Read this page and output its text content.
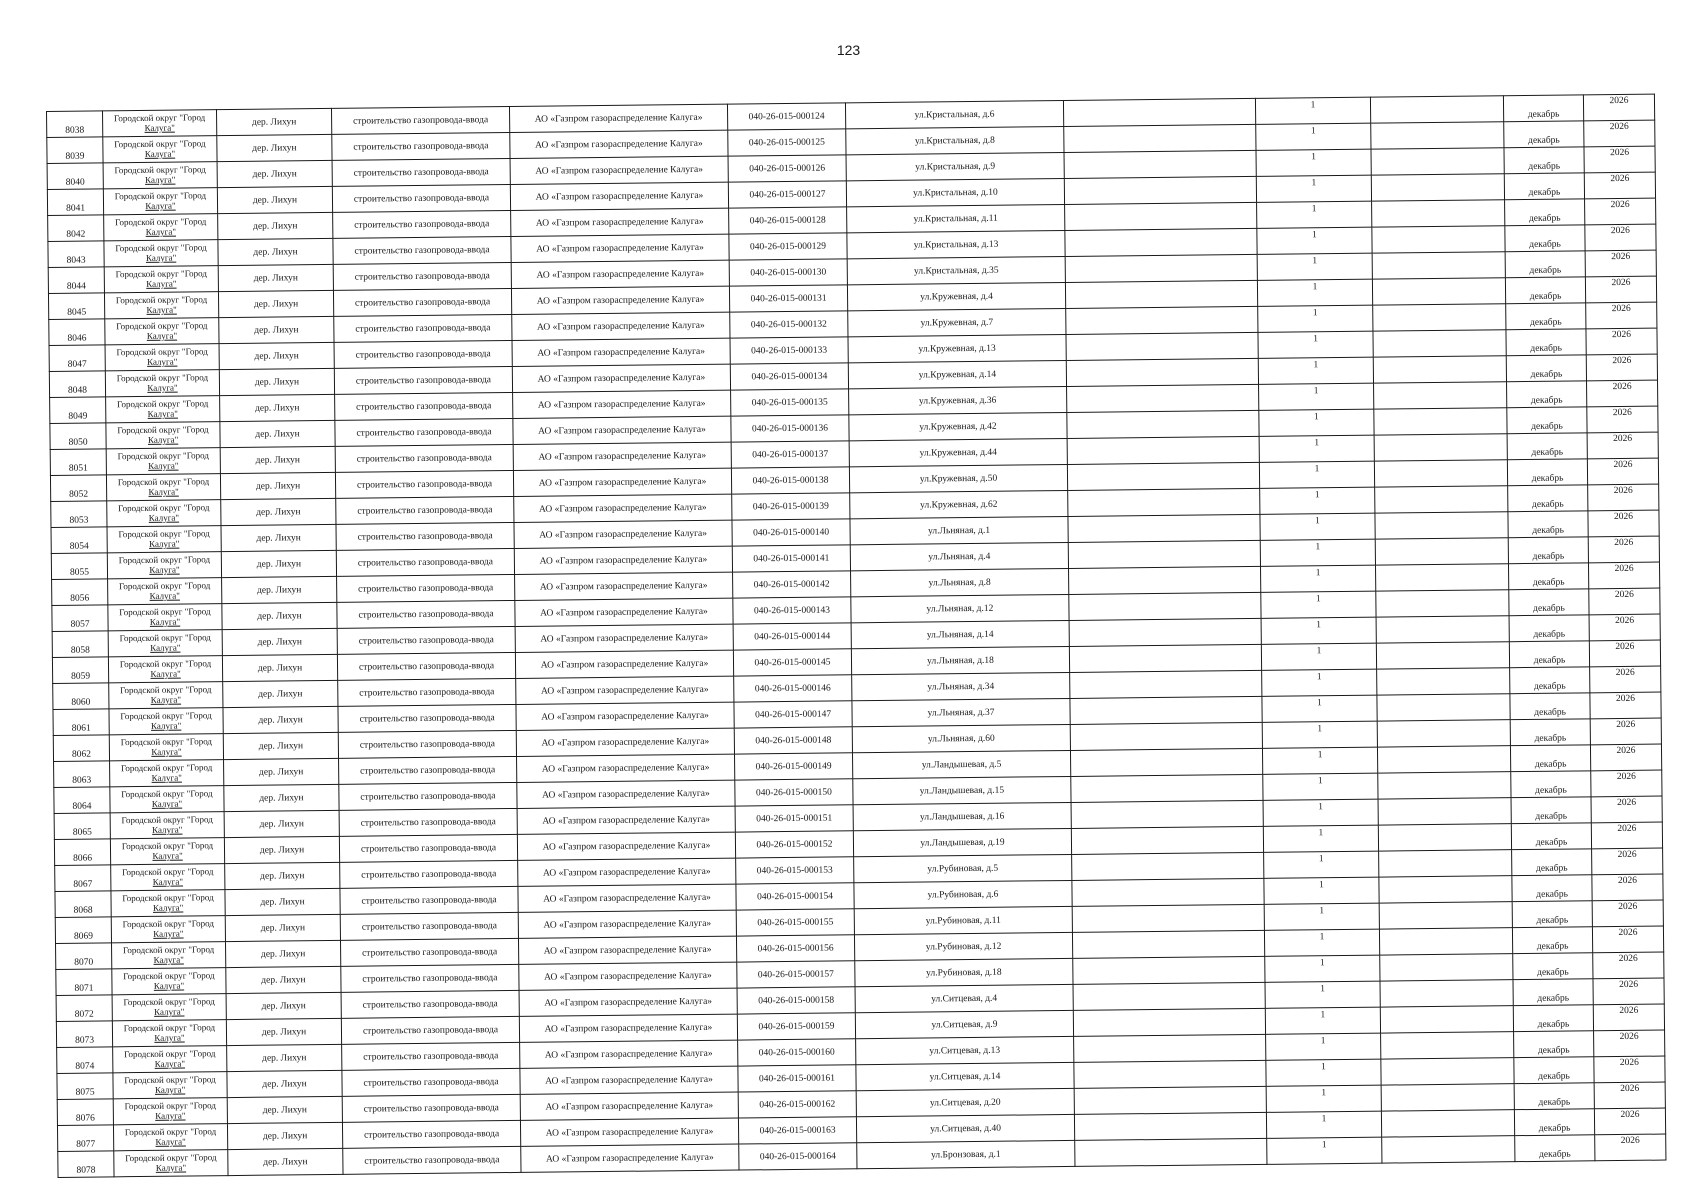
123
8038	Городской округ "Город
Калуга"	дер. Лихун	строительство газопровода-ввода	АО «Газпром газораспределение Калуга»	040-26-015-000124	ул.Кристальная, д.6		1		декабрь	2026
8039	Городской округ "Город
Калуга"	дер. Лихун	строительство газопровода-ввода	АО «Газпром газораспределение Калуга»	040-26-015-000125	ул.Кристальная, д.8		1		декабрь	2026
8040	Городской округ "Город
Калуга"	дер. Лихун	строительство газопровода-ввода	АО «Газпром газораспределение Калуга»	040-26-015-000126	ул.Кристальная, д.9		1		декабрь	2026
8041	Городской округ "Город
Калуга"	дер. Лихун	строительство газопровода-ввода	АО «Газпром газораспределение Калуга»	040-26-015-000127	ул.Кристальная, д.10		1		декабрь	2026
8042	Городской округ "Город
Калуга"	дер. Лихун	строительство газопровода-ввода	АО «Газпром газораспределение Калуга»	040-26-015-000128	ул.Кристальная, д.11		1		декабрь	2026
8043	Городской округ "Город
Калуга"	дер. Лихун	строительство газопровода-ввода	АО «Газпром газораспределение Калуга»	040-26-015-000129	ул.Кристальная, д.13		1		декабрь	2026
8044	Городской округ "Город
Калуга"	дер. Лихун	строительство газопровода-ввода	АО «Газпром газораспределение Калуга»	040-26-015-000130	ул.Кристальная, д.35		1		декабрь	2026
8045	Городской округ "Город
Калуга"	дер. Лихун	строительство газопровода-ввода	АО «Газпром газораспределение Калуга»	040-26-015-000131	ул.Кружевная, д.4		1		декабрь	2026
8046	Городской округ "Город
Калуга"	дер. Лихун	строительство газопровода-ввода	АО «Газпром газораспределение Калуга»	040-26-015-000132	ул.Кружевная, д.7		1		декабрь	2026
8047	Городской округ "Город
Калуга"	дер. Лихун	строительство газопровода-ввода	АО «Газпром газораспределение Калуга»	040-26-015-000133	ул.Кружевная, д.13		1		декабрь	2026
8048	Городской округ "Город
Калуга"	дер. Лихун	строительство газопровода-ввода	АО «Газпром газораспределение Калуга»	040-26-015-000134	ул.Кружевная, д.14		1		декабрь	2026
8049	Городской округ "Город
Калуга"	дер. Лихун	строительство газопровода-ввода	АО «Газпром газораспределение Калуга»	040-26-015-000135	ул.Кружевная, д.36		1		декабрь	2026
8050	Городской округ "Город
Калуга"	дер. Лихун	строительство газопровода-ввода	АО «Газпром газораспределение Калуга»	040-26-015-000136	ул.Кружевная, д.42		1		декабрь	2026
8051	Городской округ "Город
Калуга"	дер. Лихун	строительство газопровода-ввода	АО «Газпром газораспределение Калуга»	040-26-015-000137	ул.Кружевная, д.44		1		декабрь	2026
8052	Городской округ "Город
Калуга"	дер. Лихун	строительство газопровода-ввода	АО «Газпром газораспределение Калуга»	040-26-015-000138	ул.Кружевная, д.50		1		декабрь	2026
8053	Городской округ "Город
Калуга"	дер. Лихун	строительство газопровода-ввода	АО «Газпром газораспределение Калуга»	040-26-015-000139	ул.Кружевная, д.62		1		декабрь	2026
8054	Городской округ "Город
Калуга"	дер. Лихун	строительство газопровода-ввода	АО «Газпром газораспределение Калуга»	040-26-015-000140	ул.Льняная, д.1		1		декабрь	2026
8055	Городской округ "Город
Калуга"	дер. Лихун	строительство газопровода-ввода	АО «Газпром газораспределение Калуга»	040-26-015-000141	ул.Льняная, д.4		1		декабрь	2026
8056	Городской округ "Город
Калуга"	дер. Лихун	строительство газопровода-ввода	АО «Газпром газораспределение Калуга»	040-26-015-000142	ул.Льняная, д.8		1		декабрь	2026
8057	Городской округ "Город
Калуга"	дер. Лихун	строительство газопровода-ввода	АО «Газпром газораспределение Калуга»	040-26-015-000143	ул.Льняная, д.12		1		декабрь	2026
8058	Городской округ "Город
Калуга"	дер. Лихун	строительство газопровода-ввода	АО «Газпром газораспределение Калуга»	040-26-015-000144	ул.Льняная, д.14		1		декабрь	2026
8059	Городской округ "Город
Калуга"	дер. Лихун	строительство газопровода-ввода	АО «Газпром газораспределение Калуга»	040-26-015-000145	ул.Льняная, д.18		1		декабрь	2026
8060	Городской округ "Город
Калуга"	дер. Лихун	строительство газопровода-ввода	АО «Газпром газораспределение Калуга»	040-26-015-000146	ул.Льняная, д.34		1		декабрь	2026
8061	Городской округ "Город
Калуга"	дер. Лихун	строительство газопровода-ввода	АО «Газпром газораспределение Калуга»	040-26-015-000147	ул.Льняная, д.37		1		декабрь	2026
8062	Городской округ "Город
Калуга"	дер. Лихун	строительство газопровода-ввода	АО «Газпром газораспределение Калуга»	040-26-015-000148	ул.Льняная, д.60		1		декабрь	2026
8063	Городской округ "Город
Калуга"	дер. Лихун	строительство газопровода-ввода	АО «Газпром газораспределение Калуга»	040-26-015-000149	ул.Ландышевая, д.5		1		декабрь	2026
8064	Городской округ "Город
Калуга"	дер. Лихун	строительство газопровода-ввода	АО «Газпром газораспределение Калуга»	040-26-015-000150	ул.Ландышевая, д.15		1		декабрь	2026
8065	Городской округ "Город
Калуга"	дер. Лихун	строительство газопровода-ввода	АО «Газпром газораспределение Калуга»	040-26-015-000151	ул.Ландышевая, д.16		1		декабрь	2026
8066	Городской округ "Город
Калуга"	дер. Лихун	строительство газопровода-ввода	АО «Газпром газораспределение Калуга»	040-26-015-000152	ул.Ландышевая, д.19		1		декабрь	2026
8067	Городской округ "Город
Калуга"	дер. Лихун	строительство газопровода-ввода	АО «Газпром газораспределение Калуга»	040-26-015-000153	ул.Рубиновая, д.5		1		декабрь	2026
8068	Городской округ "Город
Калуга"	дер. Лихун	строительство газопровода-ввода	АО «Газпром газораспределение Калуга»	040-26-015-000154	ул.Рубиновая, д.6		1		декабрь	2026
8069	Городской округ "Город
Калуга"	дер. Лихун	строительство газопровода-ввода	АО «Газпром газораспределение Калуга»	040-26-015-000155	ул.Рубиновая, д.11		1		декабрь	2026
8070	Городской округ "Город
Калуга"	дер. Лихун	строительство газопровода-ввода	АО «Газпром газораспределение Калуга»	040-26-015-000156	ул.Рубиновая, д.12		1		декабрь	2026
8071	Городской округ "Город
Калуга"	дер. Лихун	строительство газопровода-ввода	АО «Газпром газораспределение Калуга»	040-26-015-000157	ул.Рубиновая, д.18		1		декабрь	2026
8072	Городской округ "Город
Калуга"	дер. Лихун	строительство газопровода-ввода	АО «Газпром газораспределение Калуга»	040-26-015-000158	ул.Ситцевая, д.4		1		декабрь	2026
8073	Городской округ "Город
Калуга"	дер. Лихун	строительство газопровода-ввода	АО «Газпром газораспределение Калуга»	040-26-015-000159	ул.Ситцевая, д.9		1		декабрь	2026
8074	Городской округ "Город
Калуга"	дер. Лихун	строительство газопровода-ввода	АО «Газпром газораспределение Калуга»	040-26-015-000160	ул.Ситцевая, д.13		1		декабрь	2026
8075	Городской округ "Город
Калуга"	дер. Лихун	строительство газопровода-ввода	АО «Газпром газораспределение Калуга»	040-26-015-000161	ул.Ситцевая, д.14		1		декабрь	2026
8076	Городской округ "Город
Калуга"	дер. Лихун	строительство газопровода-ввода	АО «Газпром газораспределение Калуга»	040-26-015-000162	ул.Ситцевая, д.20		1		декабрь	2026
8077	Городской округ "Город
Калуга"	дер. Лихун	строительство газопровода-ввода	АО «Газпром газораспределение Калуга»	040-26-015-000163	ул.Ситцевая, д.40		1		декабрь	2026
8078	Городской округ "Город
Калуга"	дер. Лихун	строительство газопровода-ввода	АО «Газпром газораспределение Калуга»	040-26-015-000164	ул.Бронзовая, д.1		1		декабрь	2026
